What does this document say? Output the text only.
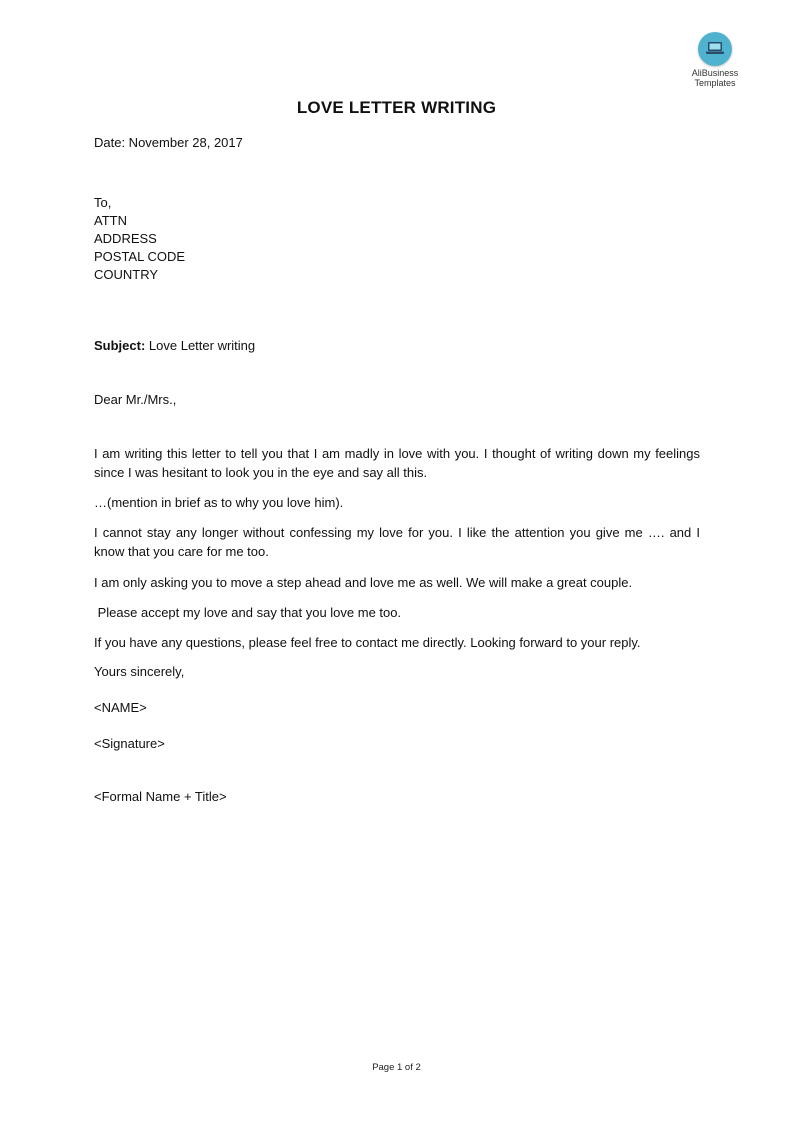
AliBusiness
Templates
LOVE LETTER WRITING
Date: November 28, 2017
To,
ATTN
ADDRESS
POSTAL CODE
COUNTRY
Subject: Love Letter writing
Dear Mr./Mrs.,
I am writing this letter to tell you that I am madly in love with you. I thought of writing down my feelings since I was hesitant to look you in the eye and say all this.
…(mention in brief as to why you love him).
I cannot stay any longer without confessing my love for you. I like the attention you give me …. and I know that you care for me too.
I am only asking you to move a step ahead and love me as well. We will make a great couple.
Please accept my love and say that you love me too.
If you have any questions, please feel free to contact me directly. Looking forward to your reply.
Yours sincerely,
<NAME>
<Signature>
<Formal Name + Title>
Page 1 of 2
